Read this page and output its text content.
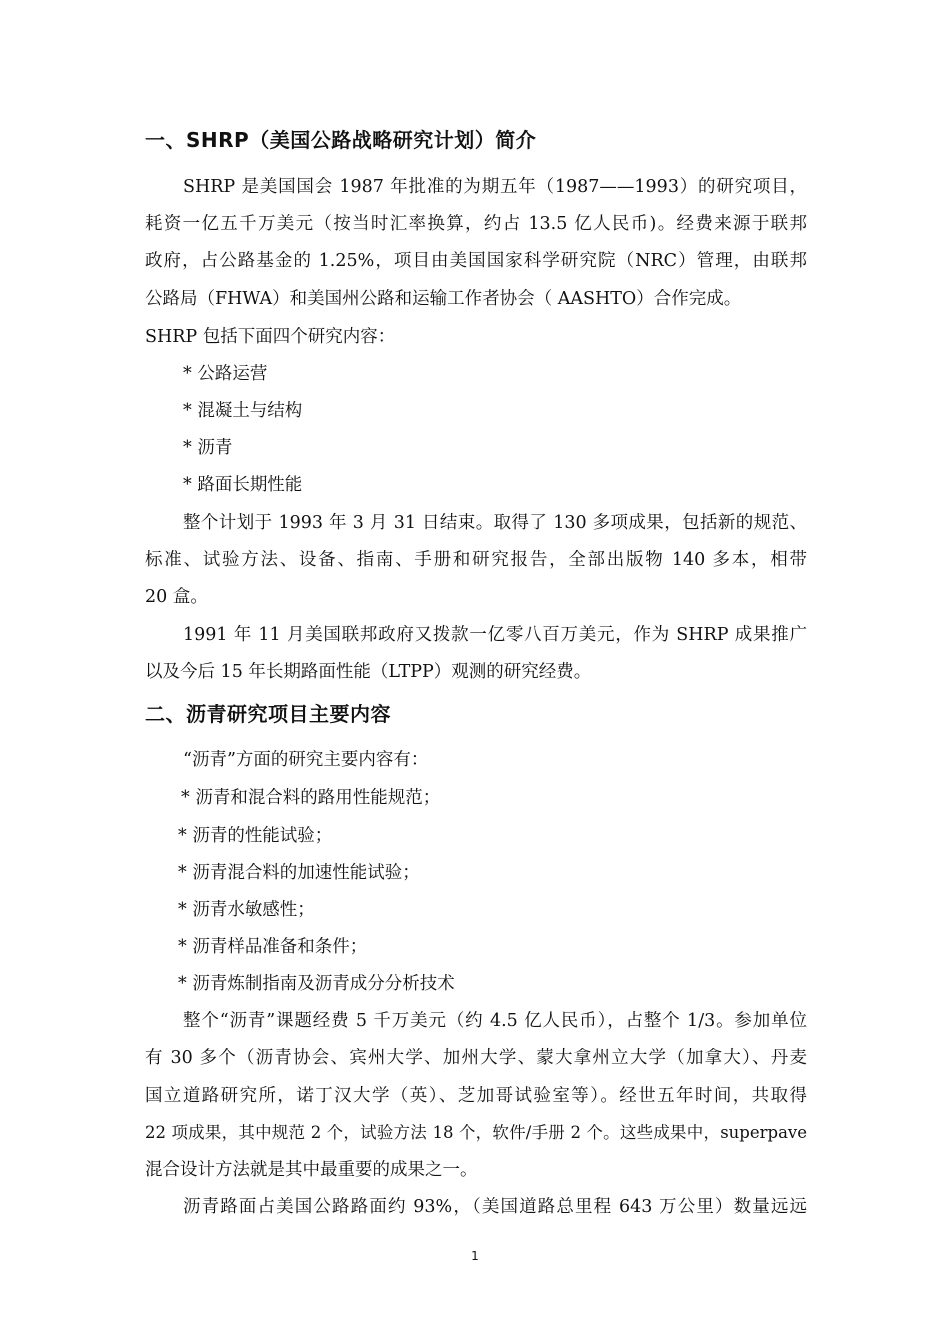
一、SHRP（美国公路战略研究计划）简介
SHRP 是美国国会 1987 年批准的为期五年（1987——1993）的研究项目，
耗资一亿五千万美元（按当时汇率换算，约占 13.5 亿人民币)。经费来源于联邦
政府，占公路基金的 1.25%，项目由美国国家科学研究院（NRC）管理，由联邦
公路局（FHWA）和美国州公路和运输工作者协会（ AASHTO）合作完成。
SHRP 包括下面四个研究内容：
* 公路运营
* 混凝土与结构
* 沥青
* 路面长期性能
整个计划于 1993 年 3 月 31 日结束。取得了 130 多项成果，包括新的规范、
标准、试验方法、设备、指南、手册和研究报告，全部出版物 140 多本，相带
20 盒。
1991 年 11 月美国联邦政府又拨款一亿零八百万美元，作为 SHRP 成果推广
以及今后 15 年长期路面性能（LTPP）观测的研究经费。
二、沥青研究项目主要内容
“沥青”方面的研究主要内容有：
* 沥青和混合料的路用性能规范；
* 沥青的性能试验；
* 沥青混合料的加速性能试验；
* 沥青水敏感性；
* 沥青样品准备和条件；
* 沥青炼制指南及沥青成分分析技术
整个“沥青”课题经费 5 千万美元（约 4.5 亿人民币），占整个 1/3。参加单位
有 30 多个（沥青协会、宾州大学、加州大学、蒙大拿州立大学（加拿大）、丹麦
国立道路研究所，诺丁汉大学（英）、芝加哥试验室等）。经世五年时间，共取得
22 项成果，其中规范 2 个，试验方法 18 个，软件/手册 2 个。这些成果中，superpave
混合设计方法就是其中最重要的成果之一。
沥青路面占美国公路路面约 93%，（美国道路总里程 643 万公里）数量远远
1
